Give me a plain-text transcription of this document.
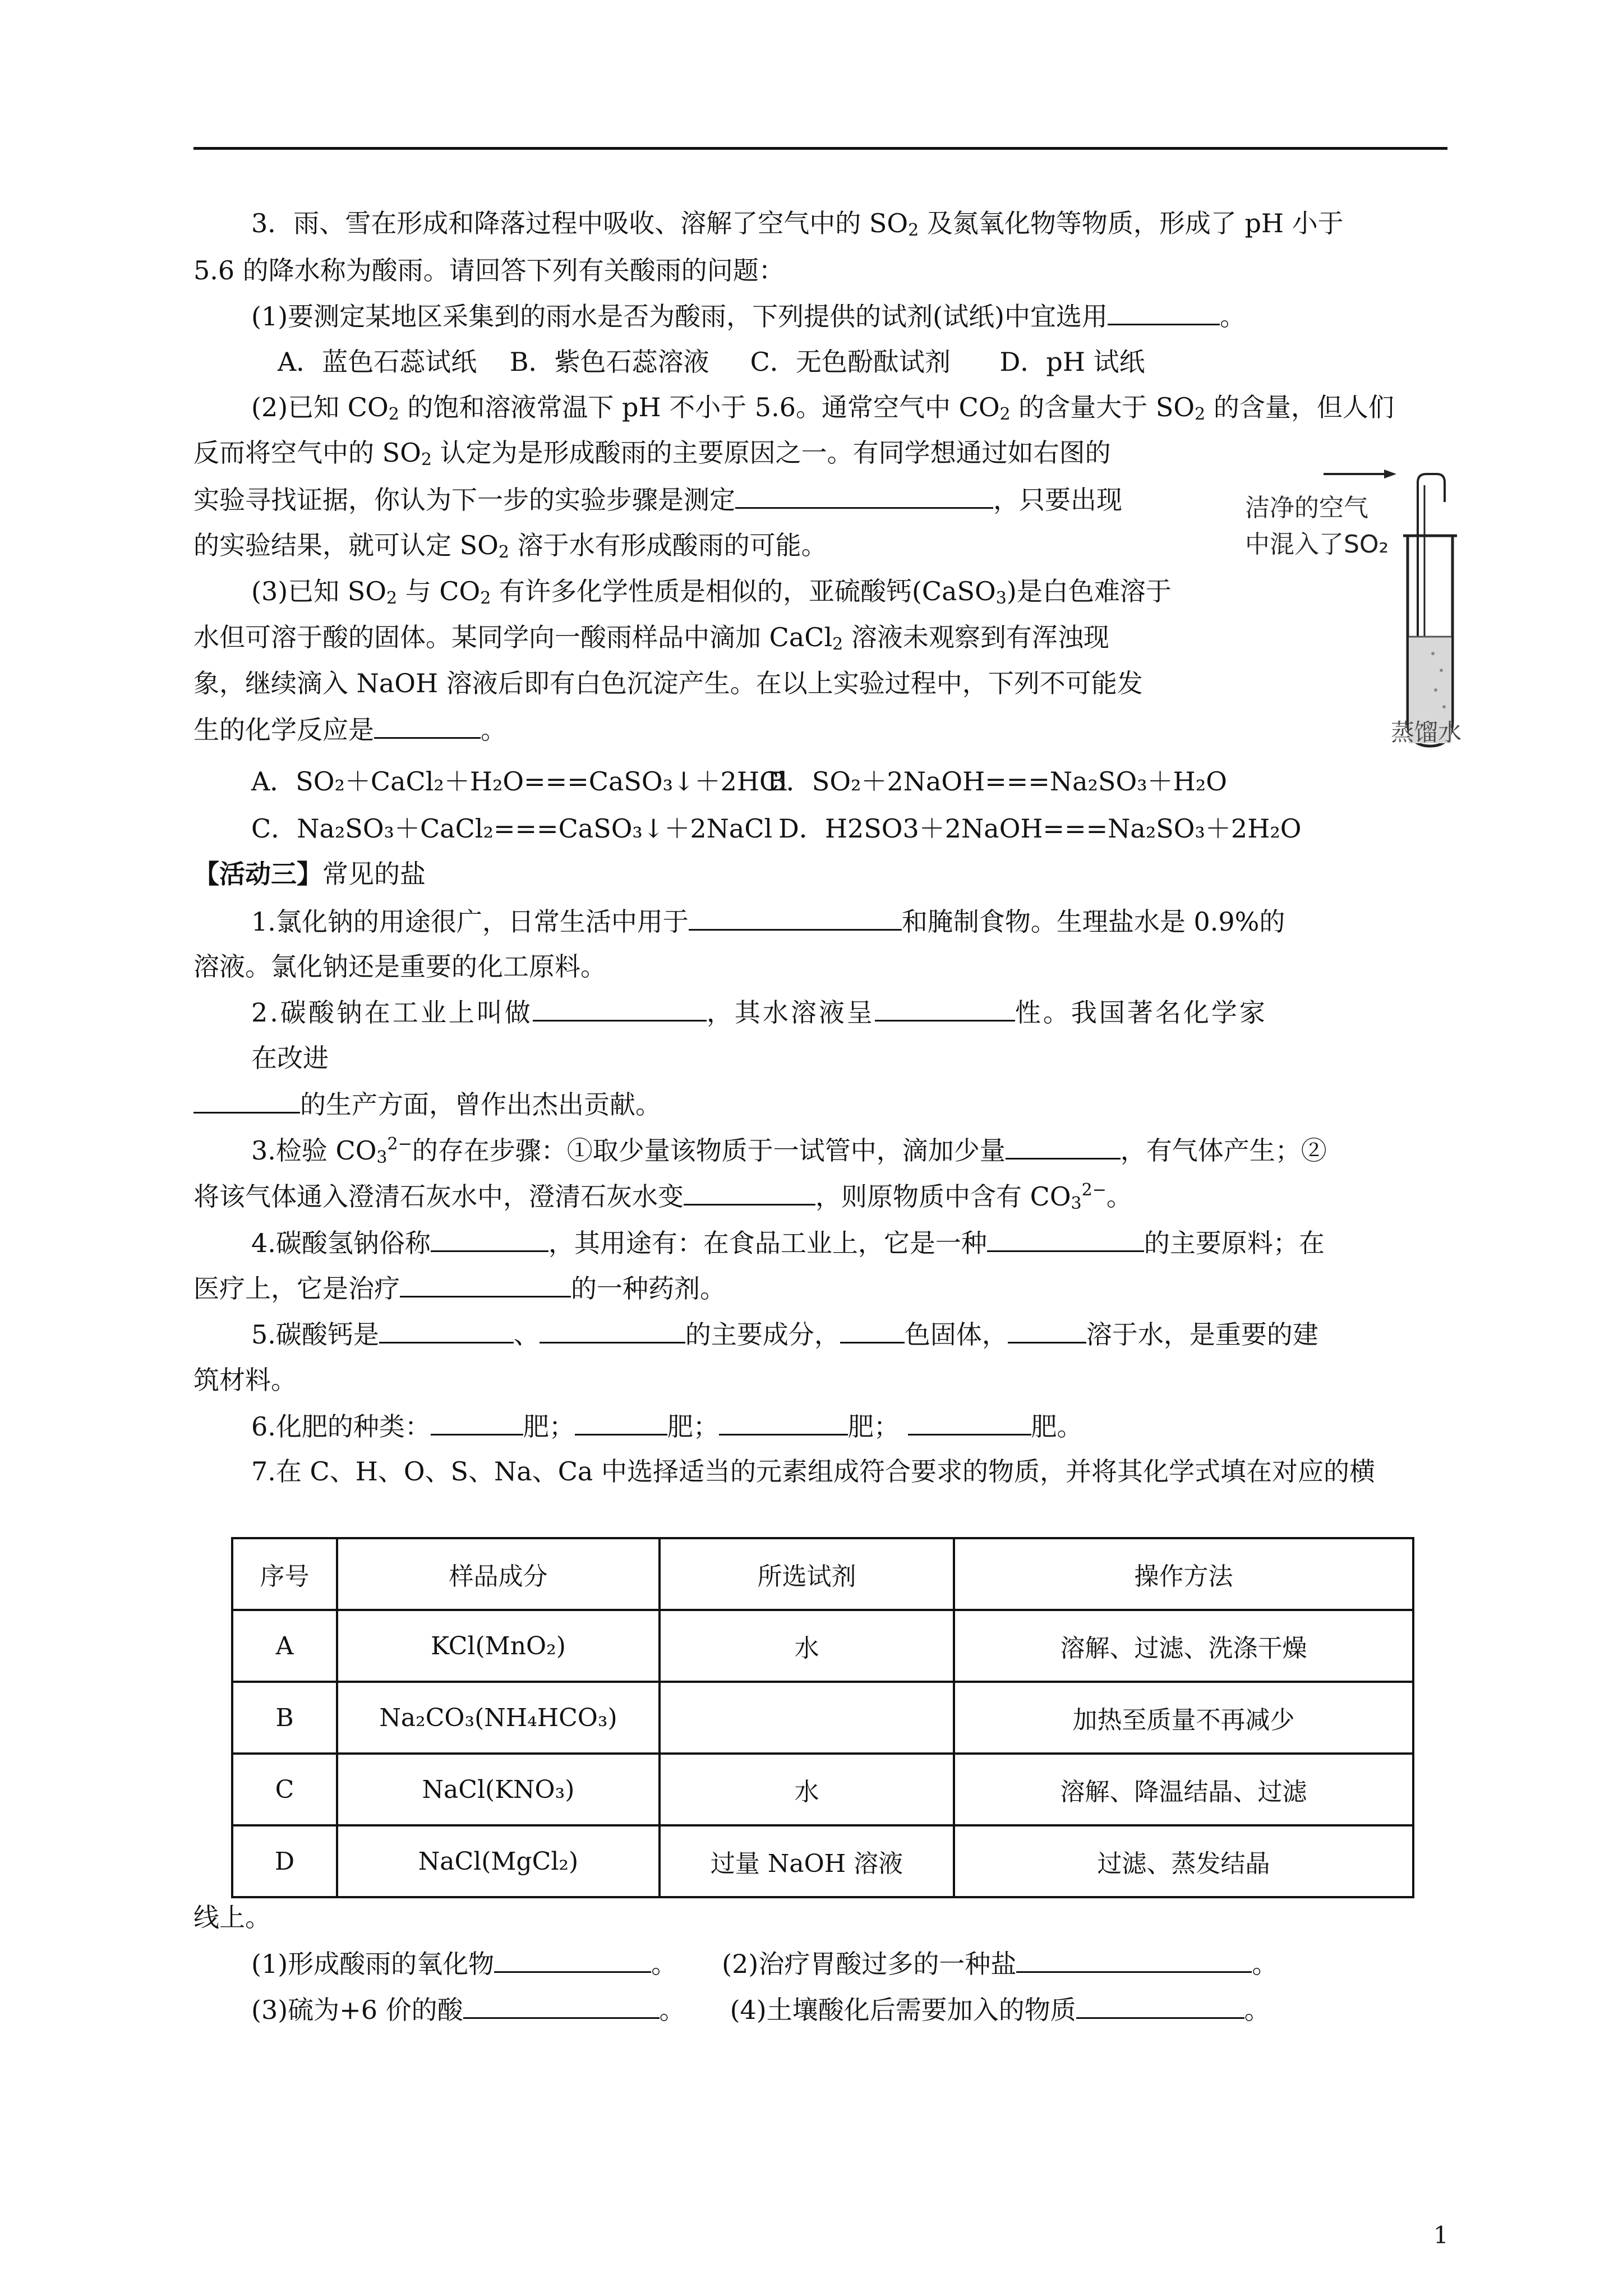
3．雨、雪在形成和降落过程中吸收、溶解了空气中的 $SO_2$ 及氮氧化物等物质，形成了 pH 小于
5.6 的降水称为酸雨。请回答下列有关酸雨的问题：
(1)要测定某地区采集到的雨水是否为酸雨，下列提供的试剂(试纸)中宜选用	。
A．蓝色石蕊试纸    B．紫色石蕊溶液     C．无色酚酞试剂      D．pH 试纸
(2)已知 $CO_2$ 的饱和溶液常温下 pH 不小于 5.6。通常空气中 $CO_2$ 的含量大于 $SO_2$ 的含量，但人们
反而将空气中的 $SO_2$ 认定为是形成酸雨的主要原因之一。有同学想通过如右图的
实验寻找证据，你认为下一步的实验步骤是测定	，只要出现
的实验结果，就可认定 $SO_2$ 溶于水有形成酸雨的可能。
(3)已知 $SO_2$ 与 $CO_2$ 有许多化学性质是相似的，亚硫酸钙(CaSO$_3$)是白色难溶于
水但可溶于酸的固体。某同学向一酸雨样品中滴加 CaCl$_2$ 溶液未观察到有浑浊现
象，继续滴入 NaOH 溶液后即有白色沉淀产生。在以上实验过程中，下列不可能发
生的化学反应是	。
A．SO₂＋CaCl₂＋H₂O===CaSO₃↓＋2HCl
B．SO₂＋2NaOH===Na₂SO₃＋H₂O
C．Na₂SO₃＋CaCl₂===CaSO₃↓＋2NaCl D．H2SO3＋2NaOH===Na₂SO₃＋2H₂O
洁净的空气
中混入了SO₂
蒸馏水
【活动三】常见的盐
1.氯化钠的用途很广，日常生活中用于	和腌制食物。生理盐水是 0.9%的
溶液。氯化钠还是重要的化工原料。
2.碳酸钠在工业上叫做	，其水溶液呈	性。我国著名化学家
在改进
的生产方面，曾作出杰出贡献。
3.检验 $CO_3^{2-}$的存在步骤：①取少量该物质于一试管中，滴加少量	，有气体产生；②
将该气体通入澄清石灰水中，澄清石灰水变	，则原物质中含有 $CO_3^{2-}$。
4.碳酸氢钠俗称	，其用途有：在食品工业上，它是一种	的主要原料；在
医疗上，它是治疗	的一种药剂。
5.碳酸钙是	、	的主要成分，	色固体，	溶于水，是重要的建
筑材料。
6.化肥的种类：	肥；	肥；	肥；	肥。
7.在 C、H、O、S、Na、Ca 中选择适当的元素组成符合要求的物质，并将其化学式填在对应的横
序号	样品成分	所选试剂	操作方法
A	KCl(MnO₂)	水	溶解、过滤、洗涤干燥
B	Na₂CO₃(NH₄HCO₃)		加热至质量不再减少
C	NaCl(KNO₃)	水	溶解、降温结晶、过滤
D	NaCl(MgCl₂)	过量 NaOH 溶液	过滤、蒸发结晶
线上。
(1)形成酸雨的氧化物	。 (2)治疗胃酸过多的一种盐	。
(3)硫为+6 价的酸	。 (4)土壤酸化后需要加入的物质	。
1
